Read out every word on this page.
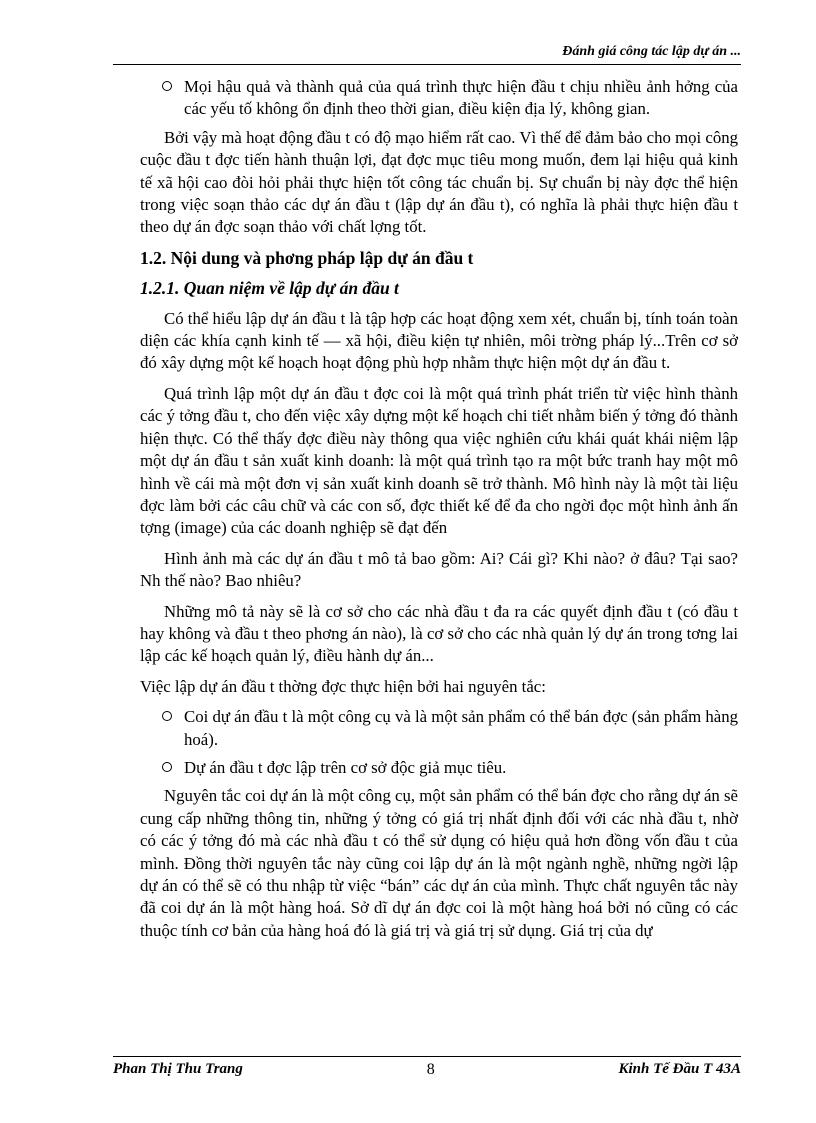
Đánh giá công tác lập dự án ...
Mọi hậu quả và thành quả của quá trình thực hiện đầu t chịu nhiều ảnh hởng của các yếu tố không ổn định theo thời gian, điều kiện địa lý, không gian.

Bởi vậy mà hoạt động đầu t có độ mạo hiểm rất cao. Vì thế để đảm bảo cho mọi công cuộc đầu t đợc tiến hành thuận lợi, đạt đợc mục tiêu mong muốn, đem lại hiệu quả kinh tế xã hội cao đòi hỏi phải thực hiện tốt công tác chuẩn bị. Sự chuẩn bị này đợc thể hiện trong việc soạn thảo các dự án đầu t (lập dự án đầu t), có nghĩa là phải thực hiện đầu t theo dự án đợc soạn thảo với chất lợng tốt.

1.2. Nội dung và phơng pháp lập dự án đầu t
1.2.1. Quan niệm về lập dự án đầu t

Có thể hiểu lập dự án đầu t là tập hợp các hoạt động xem xét, chuẩn bị, tính toán toàn diện các khía cạnh kinh tế — xã hội, điều kiện tự nhiên, môi trờng pháp lý...Trên cơ sở đó xây dựng một kế hoạch hoạt động phù hợp nhằm thực hiện một dự án đầu t.

Quá trình lập một dự án đầu t đợc coi là một quá trình phát triển từ việc hình thành các ý tởng đầu t, cho đến việc xây dựng một kế hoạch chi tiết nhằm biến ý tởng đó thành hiện thực. Có thể thấy đợc điều này thông qua việc nghiên cứu khái quát khái niệm lập một dự án đầu t sản xuất kinh doanh: là một quá trình tạo ra một bức tranh hay một mô hình về cái mà một đơn vị sản xuất kinh doanh sẽ trở thành. Mô hình này là một tài liệu đợc làm bởi các câu chữ và các con số, đợc thiết kế để đa cho ngời đọc một hình ảnh ấn tợng (image) của các doanh nghiệp sẽ đạt đến

Hình ảnh mà các dự án đầu t mô tả bao gồm: Ai? Cái gì? Khi nào? ở đâu? Tại sao? Nh thế nào? Bao nhiêu?

Những mô tả này sẽ là cơ sở cho các nhà đầu t đa ra các quyết định đầu t (có đầu t hay không và đầu t theo phơng án nào), là cơ sở cho các nhà quản lý dự án trong tơng lai lập các kế hoạch quản lý, điều hành dự án...

Việc lập dự án đầu t thờng đợc thực hiện bởi hai nguyên tắc:

Coi dự án đầu t là một công cụ và là một sản phẩm có thể bán đợc (sản phẩm hàng hoá).
Dự án đầu t đợc lập trên cơ sở độc giả mục tiêu.

Nguyên tắc coi dự án là một công cụ, một sản phẩm có thể bán đợc cho rằng dự án sẽ cung cấp những thông tin, những ý tởng có giá trị nhất định đối với các nhà đầu t, nhờ có các ý tởng đó mà các nhà đầu t có thể sử dụng có hiệu quả hơn đồng vốn đầu t của mình. Đồng thời nguyên tắc này cũng coi lập dự án là một ngành nghề, những ngời lập dự án có thể sẽ có thu nhập từ việc “bán” các dự án của mình. Thực chất nguyên tắc này đã coi dự án là một hàng hoá. Sở dĩ dự án đợc coi là một hàng hoá bởi nó cũng có các thuộc tính cơ bản của hàng hoá đó là giá trị và giá trị sử dụng. Giá trị của dự

Phan Thị Thu Trang	8	Kinh Tế Đầu T 43A
